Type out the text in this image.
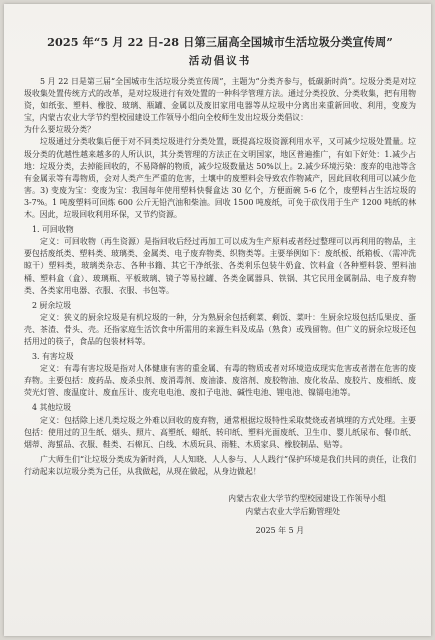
2025 年“5 月 22 日-28 日第三届高全国城市生活垃圾分类宣传周”
活动倡议书

5 月 22 日是第三届“全国城市生活垃圾分类宣传周”，主题为“分类齐参与，低碳新时尚”。垃圾分类是对垃圾收集处置传统方式的改革，是对垃圾进行有效处置的一种科学管理方法。通过分类投放、分类收集，把有用物资，如纸张、塑料、橡胶、玻璃、瓶罐、金属以及废旧家用电器等从垃圾中分离出来重新回收、利用，变废为宝，内蒙古农业大学节约型校园建设工作领导小组向全校师生发出垃圾分类倡议：

为什么要垃圾分类？

垃圾通过分类收集后便于对不同类垃圾进行分类处置，既提高垃圾资源利用水平，又可减少垃圾处置量。垃圾分类的优越性越来越多的人所认识，其分类管理的方法正在文明国家，地区普遍推广，有如下好处：1.减少占地：垃圾分类，去掉能回收的，不易降解的物质，减少垃圾数量达 50%以上。2.减少环境污染：废弃的电池等含有金属汞等有毒物质，会对人类产生严重的危害，土壤中的废塑料会导致农作物减产，因此回收利用可以减少危害。3) 变废为宝：变废为宝：我国每年使用塑料快餐盒达 30 亿个，方便面碗 5-6 亿个，废塑料占生活垃圾的 3-7%。1 吨废塑料可回炼 600 公斤无铅汽油和柴油。回收 1500 吨废纸，可免于砍伐用于生产 1200 吨纸的林木。因此，垃圾回收利用环保，又节约资源。

1. 可回收物

定义：可回收物（再生资源）是指回收后经过再加工可以成为生产原料或者经过整理可以再利用的物品，主要包括废纸类、塑料类、玻璃类、金属类、电子废弃物类、织物类等。主要举例如下：废纸板、纸箱板、（需冲洗晾干）塑料类，玻璃类杂志、各种书籍、其它干净纸张、各类利乐包装牛奶盒、饮料盒（各种塑料袋、塑料油桶、塑料盒（盒）、玻璃瓶、平板玻璃、镜子等易拉罐、各类金属器具、铁锅、其它民用金属制品、电子废弃物类、各类家用电器、衣服、衣服、书包等。

2 厨余垃圾

定义：狭义的厨余垃圾是有机垃圾的一种，分为熟厨余包括剩菜、剩饭、菜叶：生厨余垃圾包括瓜果皮、蛋壳、茶渣、骨头、壳。还指家庭生活饮食中所需用的来源生料及成品（熟食）或残留物。但广义的厨余垃圾还包括用过的筷子，食品的包装材料等。

3. 有害垃圾

定义：有毒有害垃圾是指对人体健康有害的重金属、有毒的物质或者对环境造成现实危害或者潜在危害的废弃物。主要包括：废药品、废杀虫剂、废消毒剂、废油漆、废溶剂、废胶物油、废化妆品、废胶片、废相纸、废荧光灯管、废温度计、废血压计、废充电电池、废扣子电池、碱性电池、锂电池、镍镉电池等。

4 其他垃圾

定义：包括除上述几类垃圾之外难以回收的废弃物，通常根据垃圾特性采取焚烧或者填埋的方式处理。主要包括：使用过的卫生纸、烟头、照片、高塑纸、蜡纸、转印纸、塑料光面废纸、卫生巾、婴儿纸尿布、餐巾纸、烟蒂、海蜇品、衣服、鞋类、石棉瓦、白线、木质玩具、雨鞋、木质家具、橡胶制品、贴等。

广大师生们“让垃圾分类成为新时尚，人人知晓、人人参与、人人践行”保护环境是我们共同的责任，让我们行动起来以垃圾分类为己任，从我做起，从现在做起，从身边做起！

内蒙古农业大学节约型校园建设工作领导小组
内蒙古农业大学后勤管理处
2025 年 5 月
